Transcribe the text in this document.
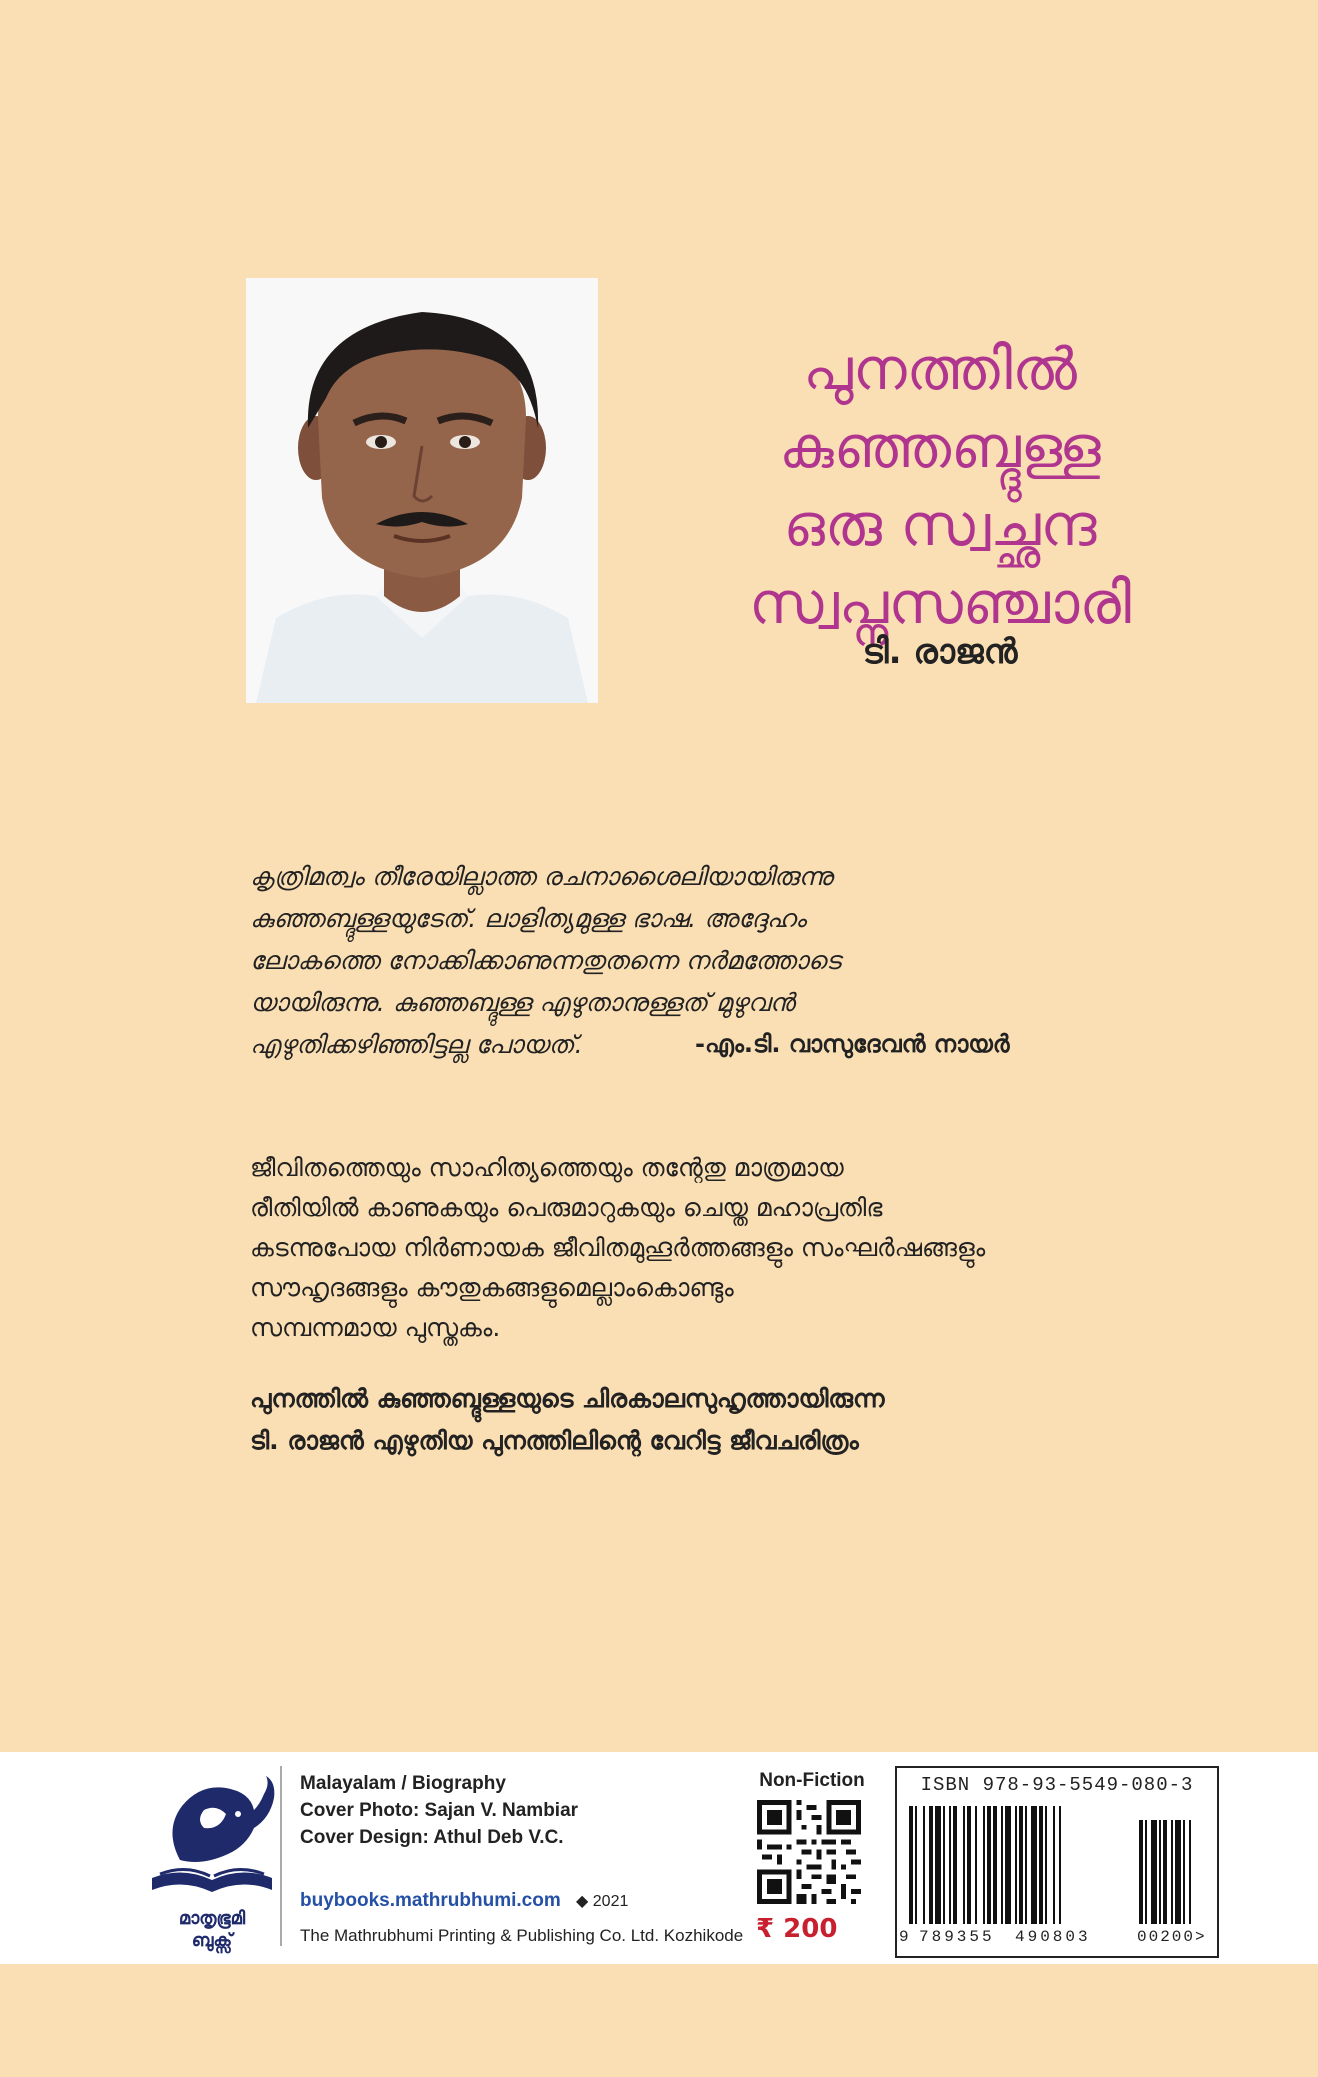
പുനത്തിൽ
കുഞ്ഞബ്ദുള്ള
ഒരു സ്വച്ഛന്ദ
സ്വപ്നസഞ്ചാരി
ടി. രാജൻ

കൃത്രിമത്വം തീരേയില്ലാത്ത രചനാശൈലിയായിരുന്നു

കുഞ്ഞബ്ദുള്ളയുടേത്. ലാളിത്യമുള്ള ഭാഷ. അദ്ദേഹം

ലോകത്തെ നോക്കിക്കാണുന്നതുതന്നെ നർമത്തോടെ

യായിരുന്നു. കുഞ്ഞബ്ദുള്ള എഴുതാനുള്ളത് മുഴുവൻ

എഴുതിക്കഴിഞ്ഞിട്ടല്ല പോയത്.	-എം.ടി. വാസുദേവൻ നായർ

ജീവിതത്തെയും സാഹിത്യത്തെയും തന്റേതു മാത്രമായ

രീതിയിൽ കാണുകയും പെരുമാറുകയും ചെയ്ത മഹാപ്രതിഭ

കടന്നുപോയ നിർണായക ജീവിതമുഹൂർത്തങ്ങളും സംഘർഷങ്ങളും

സൗഹൃദങ്ങളും കൗതുകങ്ങളുമെല്ലാംകൊണ്ടും

സമ്പന്നമായ പുസ്തകം.

പുനത്തിൽ കുഞ്ഞബ്ദുള്ളയുടെ ചിരകാലസുഹൃത്തായിരുന്ന

ടി. രാജൻ എഴുതിയ പുനത്തിലിന്റെ വേറിട്ട ജീവചരിത്രം

മാതൃഭൂമി
ബുക്സ്
Malayalam / Biography
Cover Photo: Sajan V. Nambiar
Cover Design: Athul Deb V.C.
buybooks.mathrubhumi.com ◆ 2021
The Mathrubhumi Printing & Publishing Co. Ltd. Kozhikode
Non-Fiction
₹ 200
ISBN 978-93-5549-080-3
9 789355 490803	00200>
